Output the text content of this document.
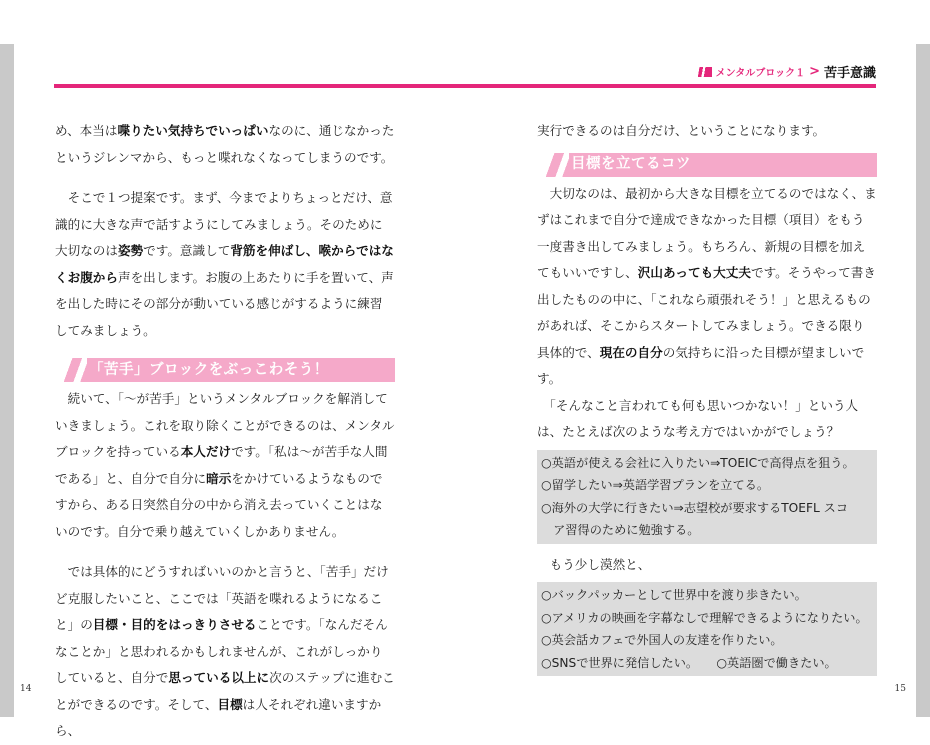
メンタルブロック１ > 苦手意識

め、本当は喋りたい気持ちでいっぱいなのに、通じなかったというジレンマから、もっと喋れなくなってしまうのです。

　そこで１つ提案です。まず、今までよりちょっとだけ、意識的に大きな声で話すようにしてみましょう。そのために大切なのは姿勢です。意識して背筋を伸ばし、喉からではなくお腹から声を出します。お腹の上あたりに手を置いて、声を出した時にその部分が動いている感じがするように練習してみましょう。

「苦手」ブロックをぶっこわそう！

　続いて、「〜が苦手」というメンタルブロックを解消していきましょう。これを取り除くことができるのは、メンタルブロックを持っている本人だけです。「私は〜が苦手な人間である」と、自分で自分に暗示をかけているようなものですから、ある日突然自分の中から消え去っていくことはないのです。自分で乗り越えていくしかありません。

　では具体的にどうすればいいのかと言うと、「苦手」だけど克服したいこと、ここでは「英語を喋れるようになること」の目標・目的をはっきりさせることです。「なんだそんなことか」と思われるかもしれませんが、これがしっかりしていると、自分で思っている以上に次のステップに進むことができるのです。そして、目標は人それぞれ違いますから、

実行できるのは自分だけ、ということになります。

目標を立てるコツ

　大切なのは、最初から大きな目標を立てるのではなく、まずはこれまで自分で達成できなかった目標（項目）をもう一度書き出してみましょう。もちろん、新規の目標を加えてもいいですし、沢山あっても大丈夫です。そうやって書き出したものの中に、「これなら頑張れそう！」と思えるものがあれば、そこからスタートしてみましょう。できる限り具体的で、現在の自分の気持ちに沿った目標が望ましいです。

　「そんなこと言われても何も思いつかない！」という人は、たとえば次のような考え方ではいかがでしょう？

○英語が使える会社に入りたい⇒TOEICで高得点を狙う。
○留学したい⇒英語学習プランを立てる。
○海外の大学に行きたい⇒志望校が要求するTOEFL スコ
　ア習得のために勉強する。

　もう少し漠然と、

○バックパッカーとして世界中を渡り歩きたい。
○アメリカの映画を字幕なしで理解できるようになりたい。
○英会話カフェで外国人の友達を作りたい。
○SNSで世界に発信したい。　　 ○英語圏で働きたい。
14	15
